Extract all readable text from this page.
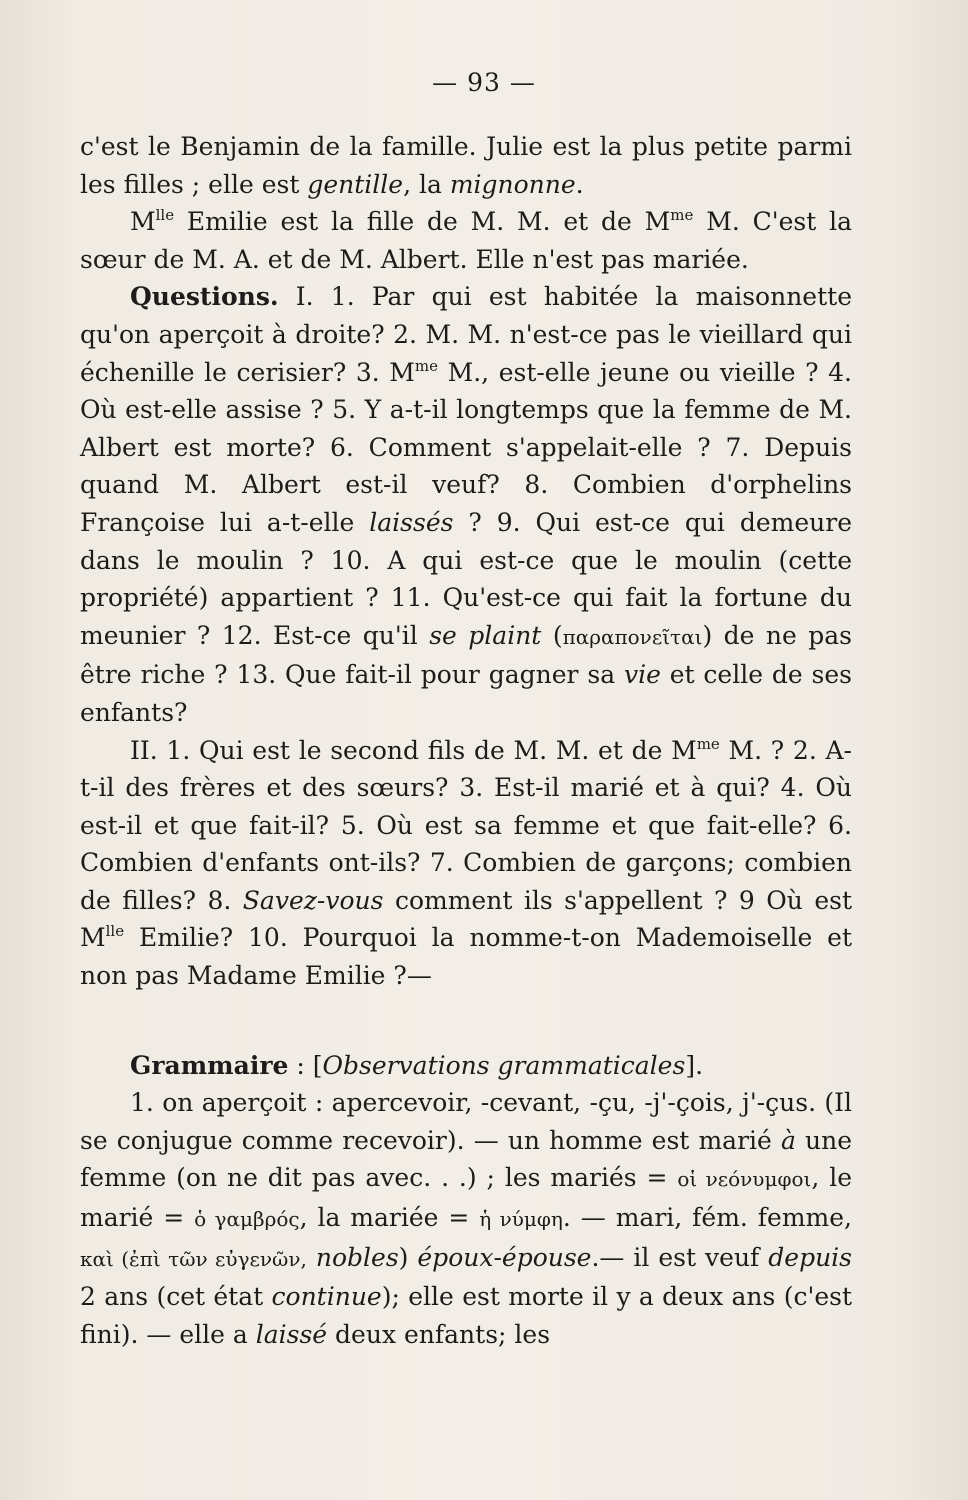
— 93 —

c'est le Benjamin de la famille. Julie est la plus petite parmi les filles ; elle est gentille, la mignonne.

$M^{lle}$ Emilie est la fille de M. M. et de $M^{me}$ M. C'est la sœur de M. A. et de M. Albert. Elle n'est pas mariée.

Questions. I. 1. Par qui est habitée la maisonnette qu'on aperçoit à droite? 2. M. M. n'est-ce pas le vieillard qui échenille le cerisier? 3. $M^{me}$ M., est-elle jeune ou vieille ? 4. Où est-elle assise ? 5. Y a-t-il longtemps que la femme de M. Albert est morte? 6. Comment s'appelait-elle ? 7. Depuis quand M. Albert est-il veuf? 8. Combien d'orphelins Françoise lui a-t-elle laissés ? 9. Qui est-ce qui demeure dans le moulin ? 10. A qui est-ce que le moulin (cette propriété) appartient ? 11. Qu'est-ce qui fait la fortune du meunier ? 12. Est-ce qu'il se plaint (παραπονεῖται) de ne pas être riche ? 13. Que fait-il pour gagner sa vie et celle de ses enfants?

II. 1. Qui est le second fils de M. M. et de $M^{me}$ M. ? 2. A-t-il des frères et des sœurs? 3. Est-il marié et à qui? 4. Où est-il et que fait-il? 5. Où est sa femme et que fait-elle? 6. Combien d'enfants ont-ils? 7. Combien de garçons; combien de filles? 8. Savez-vous comment ils s'appellent ? 9 Où est $M^{lle}$ Emilie? 10. Pourquoi la nomme-t-on Mademoiselle et non pas Madame Emilie ?—

Grammaire : [Observations grammaticales].

1. on aperçoit : apercevoir, -cevant, -çu, -j'-çois, j'-çus. (Il se conjugue comme recevoir). — un homme est marié à une femme (on ne dit pas avec. . .) ; les mariés = οἱ νεόνυμφοι, le marié = ὁ γαμβρός, la mariée = ἡ νύμφη. — mari, fém. femme, καὶ (ἐπὶ τῶν εὐγενῶν, nobles) époux-épouse.— il est veuf depuis 2 ans (cet état continue); elle est morte il y a deux ans (c'est fini). — elle a laissé deux enfants; les
